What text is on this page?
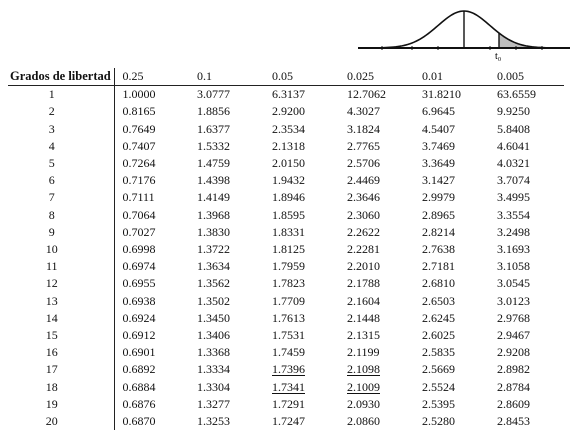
t₀
Grados de libertad	0.25	0.1	0.05	0.025	0.01	0.005
1	1.0000	3.0777	6.3137	12.7062	31.8210	63.6559
2	0.8165	1.8856	2.9200	4.3027	6.9645	9.9250
3	0.7649	1.6377	2.3534	3.1824	4.5407	5.8408
4	0.7407	1.5332	2.1318	2.7765	3.7469	4.6041
5	0.7264	1.4759	2.0150	2.5706	3.3649	4.0321
6	0.7176	1.4398	1.9432	2.4469	3.1427	3.7074
7	0.7111	1.4149	1.8946	2.3646	2.9979	3.4995
8	0.7064	1.3968	1.8595	2.3060	2.8965	3.3554
9	0.7027	1.3830	1.8331	2.2622	2.8214	3.2498
10	0.6998	1.3722	1.8125	2.2281	2.7638	3.1693
11	0.6974	1.3634	1.7959	2.2010	2.7181	3.1058
12	0.6955	1.3562	1.7823	2.1788	2.6810	3.0545
13	0.6938	1.3502	1.7709	2.1604	2.6503	3.0123
14	0.6924	1.3450	1.7613	2.1448	2.6245	2.9768
15	0.6912	1.3406	1.7531	2.1315	2.6025	2.9467
16	0.6901	1.3368	1.7459	2.1199	2.5835	2.9208
17	0.6892	1.3334	1.7396	2.1098	2.5669	2.8982
18	0.6884	1.3304	1.7341	2.1009	2.5524	2.8784
19	0.6876	1.3277	1.7291	2.0930	2.5395	2.8609
20	0.6870	1.3253	1.7247	2.0860	2.5280	2.8453
